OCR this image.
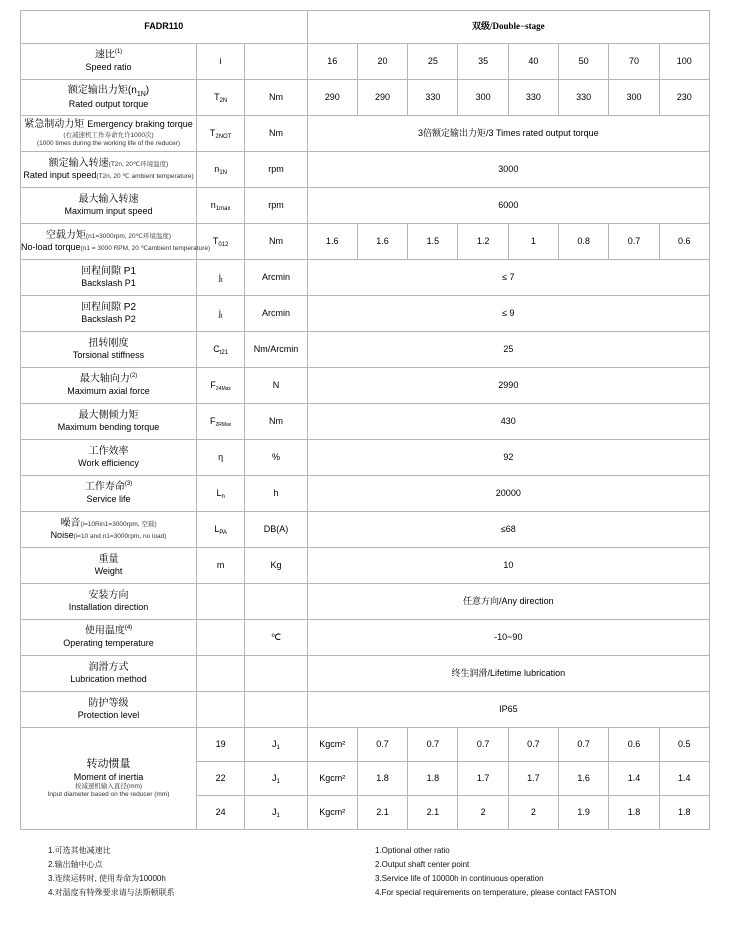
FADR110			双级/Double−stage							

速比$^{(1)}$
Speed ratio	i		16	20	25	35	40	50	70	100

额定输出力矩$(n_{1N})$
Rated output torque	$T_{2N}$	Nm	290	290	330	300	330	330	300	230

紧急制动力矩 Emergency braking torque
(右减速机工作寿命允许1000次)
(1000 times during the working life of the reducer)	$T_{2NOT}$	Nm	3倍额定输出力矩/3 Times rated output torque							

额定输入转速(T2n, 20℃环境温度)
Rated input speed(T2n, 20 ℃ ambient temperature)	$n_{1N}$	rpm	3000							

最大输入转速
Maximum input speed	$n_{1max}$	rpm	6000							

空载力矩(n1=3000rpm, 20℃环境温度)
No-load torque(n1 = 3000 RPM, 20 ℃ambient temperature)	$T_{012}$	Nm	1.6	1.6	1.5	1.2	1	0.8	0.7	0.6

回程间隙 P1
Backslash P1	$j_t$	Arcmin	≤ 7							

回程间隙 P2
Backslash P2	$j_t$	Arcmin	≤ 9							

扭转刚度
Torsional stiffness	$C_{t21}$	Nm/Arcmin	25							

最大轴向力$^{(2)}$
Maximum axial force	$F_{24Max}$	N	2990							

最大侧倾力矩
Maximum bending torque	$F_{2RMax}$	Nm	430							

工作效率
Work efficiency	η	%	92							

工作寿命$^{(3)}$
Service life	$L_n$	h	20000							

噪音(i=10Rin1=3000rpm, 空载)
Noise(i=10 and n1=3000rpm, no load)	$L_{PA}$	DB(A)	≤68							

重量
Weight	m	Kg	10							

安装方向
Installation direction			任意方向/Any direction							

使用温度$^{(4)}$
Operating temperature		℃	-10~90							

润滑方式
Lubrication method			终生润滑/Lifetime lubrication							

防护等级
Protection level			IP65							

转动惯量
Moment of inertia
按减速机输入直径(mm)
Input diameter based on the reducer (mm)	19	$J_1$	Kgcm²	0.7	0.7	0.7	0.7	0.7	0.6	0.5
	22	$J_1$	Kgcm²	1.8	1.8	1.7	1.7	1.6	1.4	1.4
	24	$J_1$	Kgcm²	2.1	2.1	2	2	1.9	1.8	1.8
1.可选其他减速比
2.输出轴中心点
3.连续运转时, 使用寿命为10000h
4.对温度有特殊要求请与法斯顿联系
1.Optional other ratio
2.Output shaft center point
3.Service life of 10000h in continuous operation
4.For special requirements on temperature, please contact FASTON
